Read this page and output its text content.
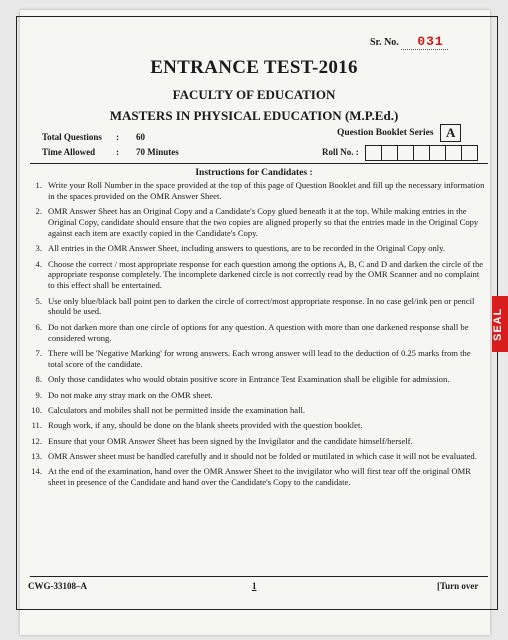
Sr. No. 031
ENTRANCE TEST-2016
FACULTY OF EDUCATION
MASTERS IN PHYSICAL EDUCATION (M.P.Ed.)
Total Questions : 60
Time Allowed : 70 Minutes
Question Booklet Series A
Roll No. :
Instructions for Candidates :
1. Write your Roll Number in the space provided at the top of this page of Question Booklet and fill up the necessary information in the spaces provided on the OMR Answer Sheet.
2. OMR Answer Sheet has an Original Copy and a Candidate's Copy glued beneath it at the top. While making entries in the Original Copy, candidate should ensure that the two copies are aligned properly so that the entries made in the Original Copy against each item are exactly copied in the Candidate's Copy.
3. All entries in the OMR Answer Sheet, including answers to questions, are to be recorded in the Original Copy only.
4. Choose the correct / most appropriate response for each question among the options A, B, C and D and darken the circle of the appropriate response completely. The incomplete darkened circle is not correctly read by the OMR Scanner and no complaint to this effect shall be entertained.
5. Use only blue/black ball point pen to darken the circle of correct/most appropriate response. In no case gel/ink pen or pencil should be used.
6. Do not darken more than one circle of options for any question. A question with more than one darkened response shall be considered wrong.
7. There will be 'Negative Marking' for wrong answers. Each wrong answer will lead to the deduction of 0.25 marks from the total score of the candidate.
8. Only those candidates who would obtain positive score in Entrance Test Examination shall be eligible for admission.
9. Do not make any stray mark on the OMR sheet.
10. Calculators and mobiles shall not be permitted inside the examination hall.
11. Rough work, if any, should be done on the blank sheets provided with the question booklet.
12. Ensure that your OMR Answer Sheet has been signed by the Invigilator and the candidate himself/herself.
13. OMR Answer sheet must be handled carefully and it should not be folded or mutilated in which case it will not be evaluated.
14. At the end of the examination, hand over the OMR Answer Sheet to the invigilator who will first tear off the original OMR sheet in presence of the Candidate and hand over the Candidate's Copy to the candidate.
CWG-33108–A	1	[Turn over
SEAL
